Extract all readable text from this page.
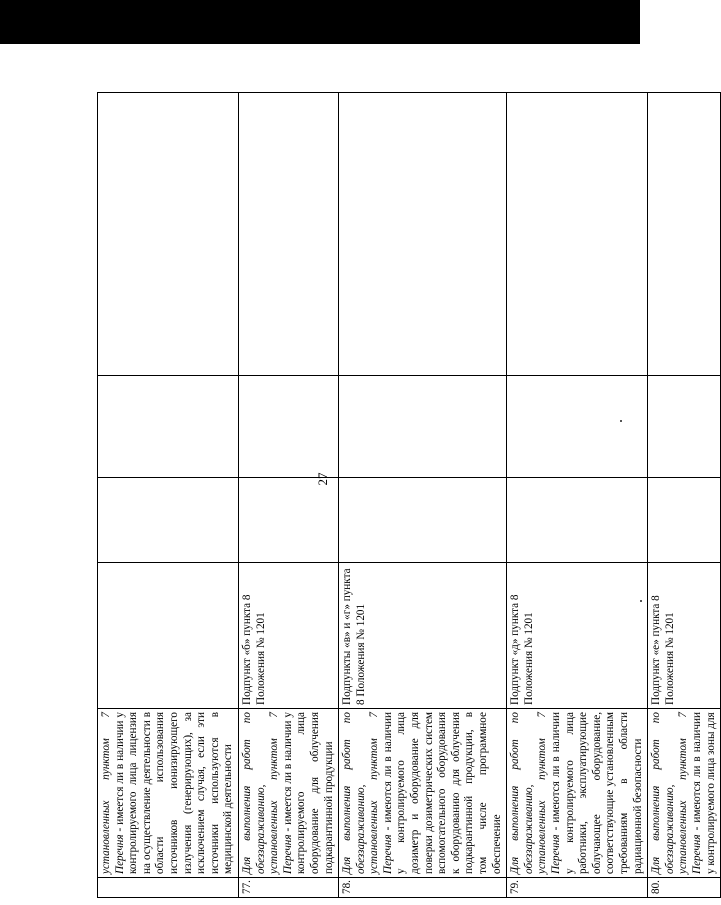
27
	установленных пунктом 7 Перечня - имеется ли в наличии у контролируемого лица лицензия на осуществление деятельности в области использования источников ионизирующего излучения (генерирующих), за исключением случая, если эти источники используются в медицинской деятельности				
77.	Для выполнения работ по обеззараживанию, установленных пунктом 7 Перечня - имеется ли в наличии у контролируемого лица оборудование для облучения подкарантинной продукции	Подпункт «б» пункта 8 Положения № 1201			
78.	Для выполнения работ по обеззараживанию, установленных пунктом 7 Перечня - имеются ли в наличии у контролируемого лица дозиметр и оборудование для поверки дозиметрических систем вспомогательного оборудования к оборудованию для облучения подкарантинной продукции, в том числе программное обеспечение	Подпункты «в» и «г» пункта 8 Положения № 1201			
79.	Для выполнения работ по обеззараживанию, установленных пунктом 7 Перечня - имеются ли в наличии у контролируемого лица работники, эксплуатирующие облучающее оборудование, соответствующие установленным требованиям в области радиационной безопасности	Подпункт «д» пункта 8 Положения № 1201			
80.	Для выполнения работ по обеззараживанию, установленных пунктом 7 Перечня - имеются ли в наличии у контролируемого лица зоны для	Подпункт «е» пункта 8 Положения № 1201			
